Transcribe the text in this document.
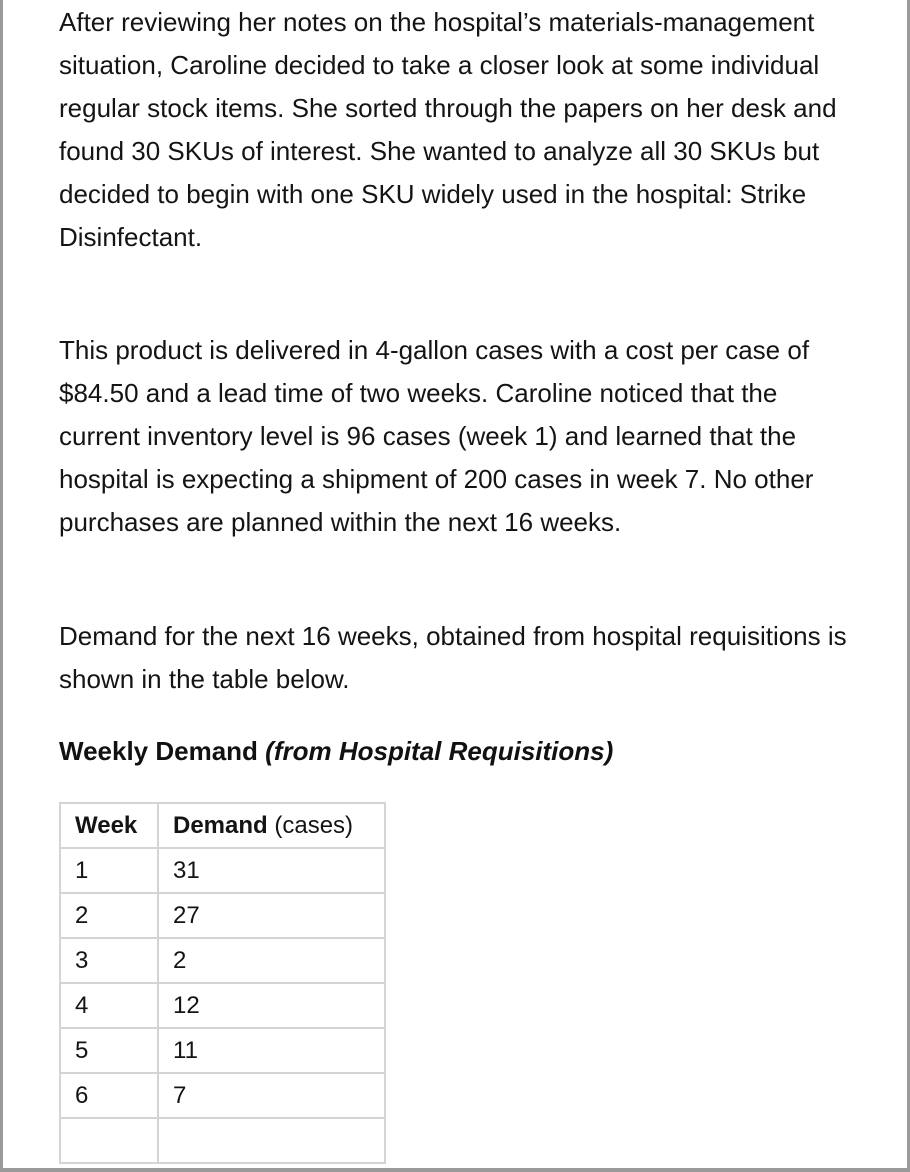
After reviewing her notes on the hospital’s materials-management situation, Caroline decided to take a closer look at some individual regular stock items. She sorted through the papers on her desk and found 30 SKUs of interest. She wanted to analyze all 30 SKUs but decided to begin with one SKU widely used in the hospital: Strike Disinfectant.

This product is delivered in 4-gallon cases with a cost per case of $84.50 and a lead time of two weeks. Caroline noticed that the current inventory level is 96 cases (week 1) and learned that the hospital is expecting a shipment of 200 cases in week 7. No other purchases are planned within the next 16 weeks.

Demand for the next 16 weeks, obtained from hospital requisitions is shown in the table below.

Weekly Demand (from Hospital Requisitions)
Week	Demand (cases)
1	31
2	27
3	2
4	12
5	11
6	7
